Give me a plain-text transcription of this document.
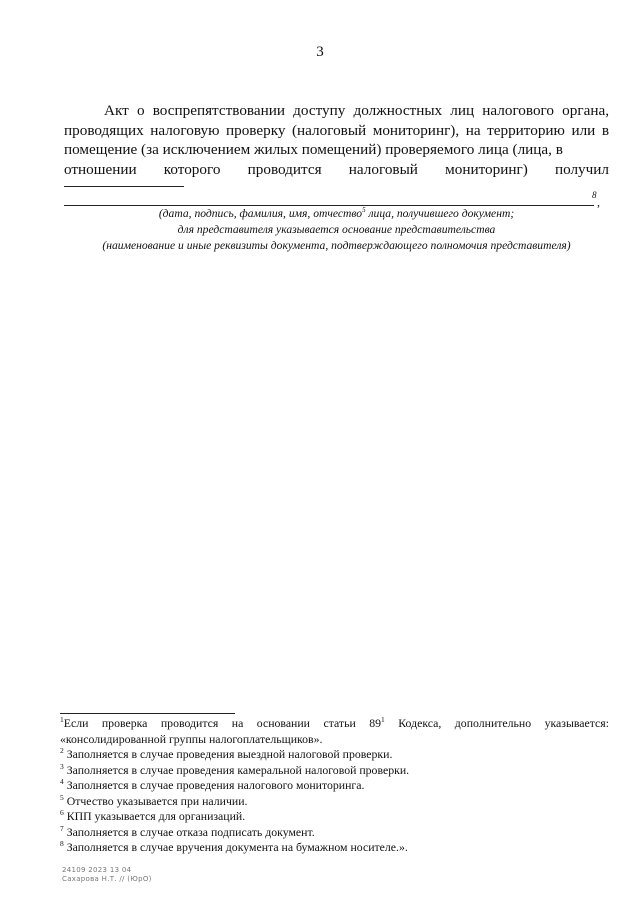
3
Акт о воспрепятствовании доступу должностных лиц налогового органа, проводящих налоговую проверку (налоговый мониторинг), на территорию или в помещение (за исключением жилых помещений) проверяемого лица (лица, в
отношении которого проводится налоговый мониторинг) получил
8 ,
(дата, подпись, фамилия, имя, отчество$^5$ лица, получившего документ;
для представителя указывается основание представительства
(наименование и иные реквизиты документа, подтверждающего полномочия представителя)
$^1$Если проверка проводится на основании статьи $89^1$ Кодекса, дополнительно указывается: «консолидированной группы налогоплательщиков».
$^2$ Заполняется в случае проведения выездной налоговой проверки.
$^3$ Заполняется в случае проведения камеральной налоговой проверки.
$^4$ Заполняется в случае проведения налогового мониторинга.
$^5$ Отчество указывается при наличии.
$^6$ КПП указывается для организаций.
$^7$ Заполняется в случае отказа подписать документ.
$^8$ Заполняется в случае вручения документа на бумажном носителе.».
24109 2023 13 04
Сахарова Н.Т. // (ЮрО)
